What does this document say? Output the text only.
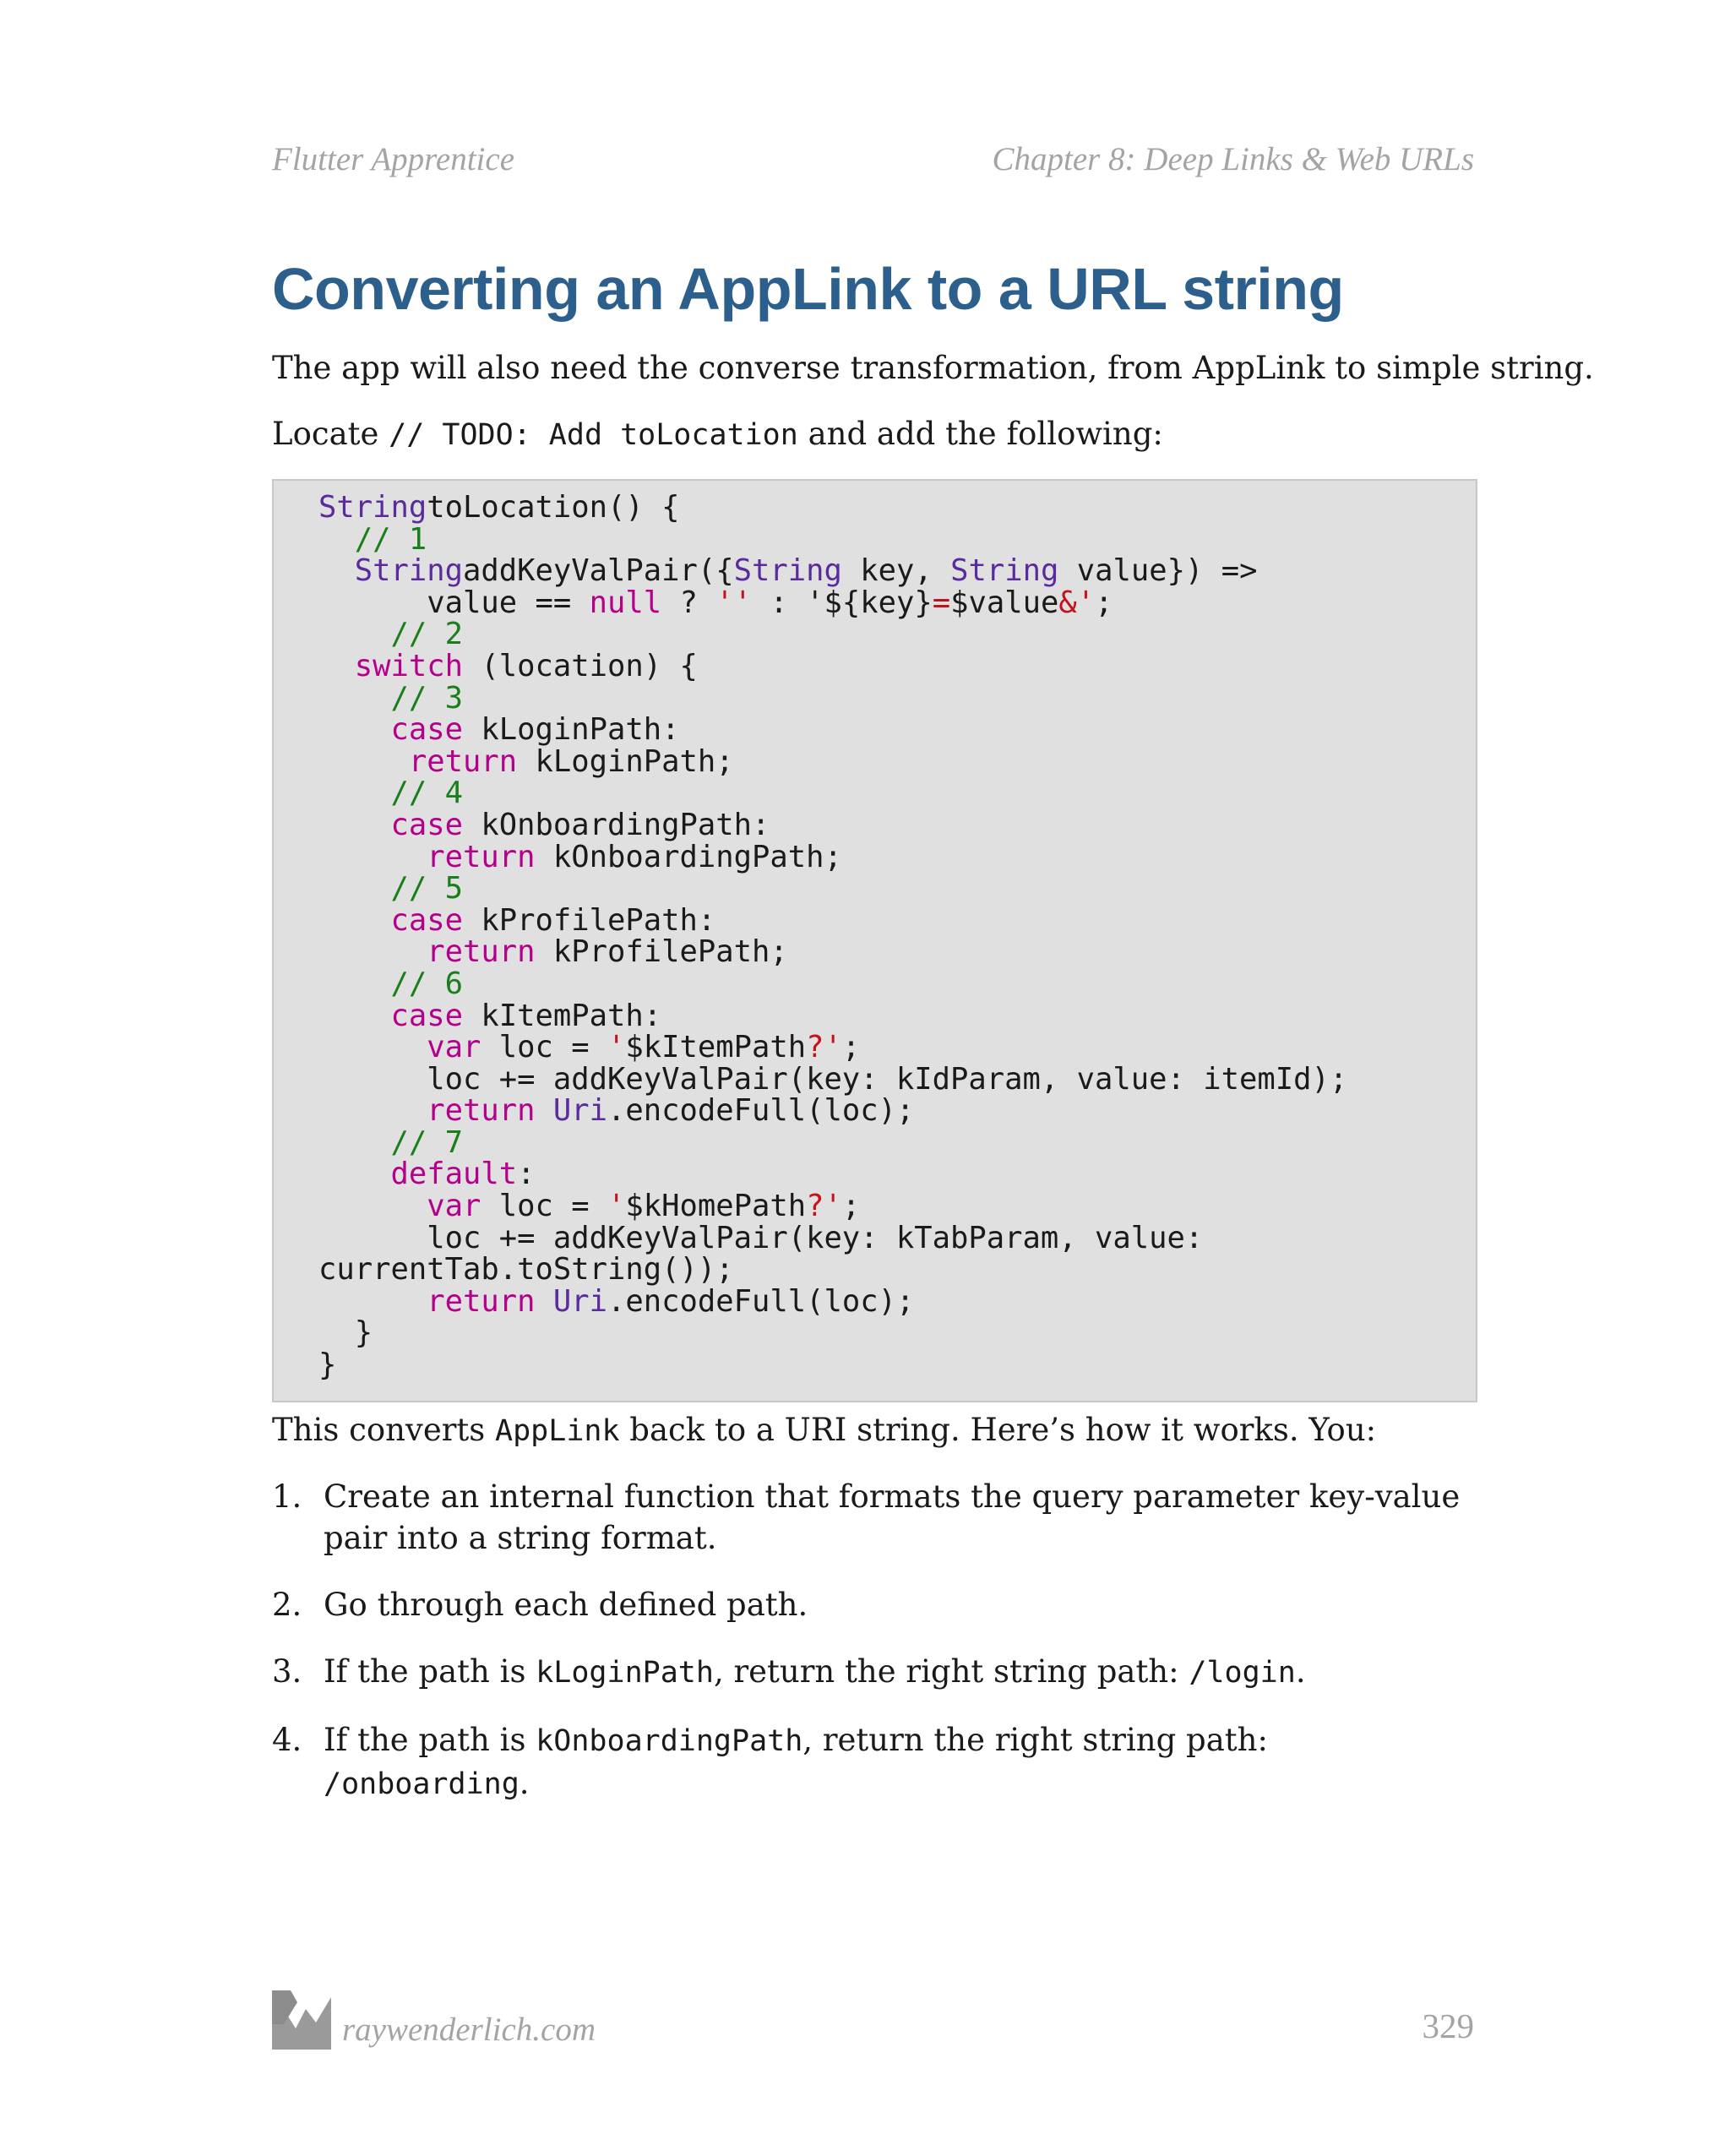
Flutter Apprentice	Chapter 8: Deep Links & Web URLs
Converting an AppLink to a URL string

The app will also need the converse transformation, from AppLink to simple string.

Locate // TODO: Add toLocation and add the following:

StringtoLocation() {
// 1
StringaddKeyValPair({String key, String value}) =>
value == null ? '' : '${key}=$value&';
// 2
switch (location) {
// 3
case kLoginPath:
return kLoginPath;
// 4
case kOnboardingPath:
return kOnboardingPath;
// 5
case kProfilePath:
return kProfilePath;
// 6
case kItemPath:
var loc = '$kItemPath?';
loc += addKeyValPair(key: kIdParam, value: itemId);
return Uri.encodeFull(loc);
// 7
default:
var loc = '$kHomePath?';
loc += addKeyValPair(key: kTabParam, value:
currentTab.toString());
return Uri.encodeFull(loc);
}
}

This converts AppLink back to a URI string. Here’s how it works. You:

1. Create an internal function that formats the query parameter key-value pair into a string format.
2. Go through each defined path.
3. If the path is kLoginPath, return the right string path: /login.
4. If the path is kOnboardingPath, return the right string path: /onboarding.
raywenderlich.com	329
